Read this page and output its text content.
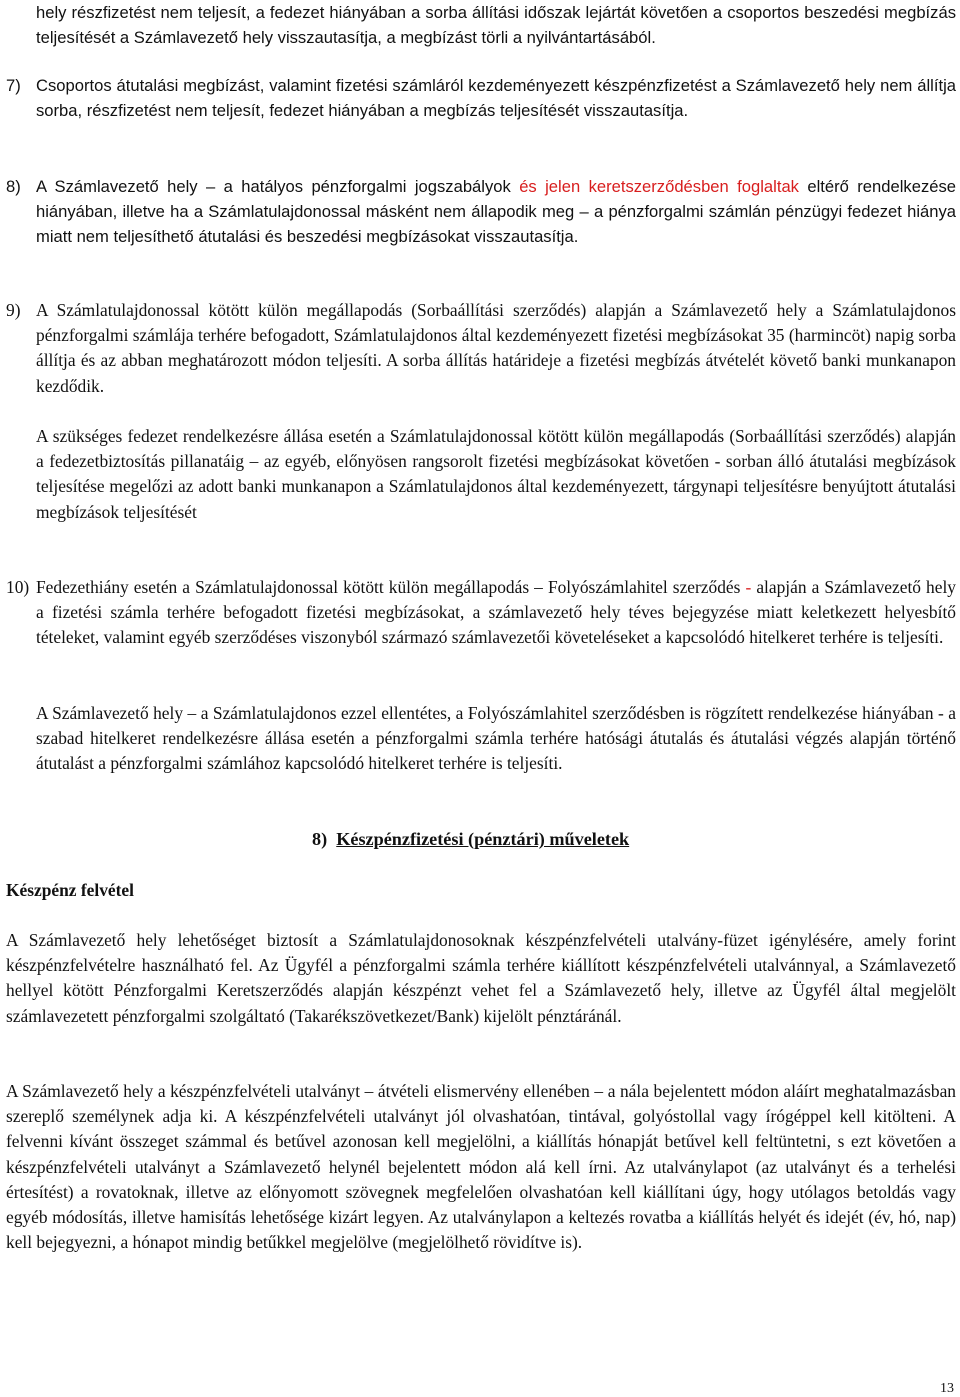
hely részfizetést nem teljesít, a fedezet hiányában a sorba állítási időszak lejártát követően a csoportos beszedési megbízás teljesítését a Számlavezető hely visszautasítja, a megbízást törli a nyilvántartásából.

7) Csoportos átutalási megbízást, valamint fizetési számláról kezdeményezett készpénzfizetést a Számlavezető hely nem állítja sorba, részfizetést nem teljesít, fedezet hiányában a megbízás teljesítését visszautasítja.

8) A Számlavezető hely – a hatályos pénzforgalmi jogszabályok és jelen keretszerződésben foglaltak eltérő rendelkezése hiányában, illetve ha a Számlatulajdonossal másként nem állapodik meg – a pénzforgalmi számlán pénzügyi fedezet hiánya miatt nem teljesíthető átutalási és beszedési megbízásokat visszautasítja.

9) A Számlatulajdonossal kötött külön megállapodás (Sorbaállítási szerződés) alapján a Számlavezető hely a Számlatulajdonos pénzforgalmi számlája terhére befogadott, Számlatulajdonos által kezdeményezett fizetési megbízásokat 35 (harmincöt) napig sorba állítja és az abban meghatározott módon teljesíti. A sorba állítás határideje a fizetési megbízás átvételét követő banki munkanapon kezdődik.

A szükséges fedezet rendelkezésre állása esetén a Számlatulajdonossal kötött külön megállapodás (Sorbaállítási szerződés) alapján a fedezetbiztosítás pillanatáig – az egyéb, előnyösen rangsorolt fizetési megbízásokat követően - sorban álló átutalási megbízások teljesítése megelőzi az adott banki munkanapon a Számlatulajdonos által kezdeményezett, tárgynapi teljesítésre benyújtott átutalási megbízások teljesítését

10) Fedezethiány esetén a Számlatulajdonossal kötött külön megállapodás – Folyószámlahitel szerződés - alapján a Számlavezető hely a fizetési számla terhére befogadott fizetési megbízásokat, a számlavezető hely téves bejegyzése miatt keletkezett helyesbítő tételeket, valamint egyéb szerződéses viszonyból származó számlavezetői követeléseket a kapcsolódó hitelkeret terhére is teljesíti.

A Számlavezető hely – a Számlatulajdonos ezzel ellentétes, a Folyószámlahitel szerződésben is rögzített rendelkezése hiányában - a szabad hitelkeret rendelkezésre állása esetén a pénzforgalmi számla terhére hatósági átutalás és átutalási végzés alapján történő átutalást a pénzforgalmi számlához kapcsolódó hitelkeret terhére is teljesíti.

8) Készpénzfizetési (pénztári) műveletek
Készpénz felvétel

A Számlavezető hely lehetőséget biztosít a Számlatulajdonosoknak készpénzfelvételi utalvány-füzet igénylésére, amely forint készpénzfelvételre használható fel. Az Ügyfél a pénzforgalmi számla terhére kiállított készpénzfelvételi utalvánnyal, a Számlavezető hellyel kötött Pénzforgalmi Keretszerződés alapján készpénzt vehet fel a Számlavezető hely, illetve az Ügyfél által megjelölt számlavezetett pénzforgalmi szolgáltató (Takarékszövetkezet/Bank) kijelölt pénztáránál.

A Számlavezető hely a készpénzfelvételi utalványt – átvételi elismervény ellenében – a nála bejelentett módon aláírt meghatalmazásban szereplő személynek adja ki. A készpénzfelvételi utalványt jól olvashatóan, tintával, golyóstollal vagy írógéppel kell kitölteni. A felvenni kívánt összeget számmal és betűvel azonosan kell megjelölni, a kiállítás hónapját betűvel kell feltüntetni, s ezt követően a készpénzfelvételi utalványt a Számlavezető helynél bejelentett módon alá kell írni. Az utalványlapot (az utalványt és a terhelési értesítést) a rovatoknak, illetve az előnyomott szövegnek megfelelően olvashatóan kell kiállítani úgy, hogy utólagos betoldás vagy egyéb módosítás, illetve hamisítás lehetősége kizárt legyen. Az utalványlapon a keltezés rovatba a kiállítás helyét és idejét (év, hó, nap) kell bejegyezni, a hónapot mindig betűkkel megjelölve (megjelölhető rövidítve is).

13
